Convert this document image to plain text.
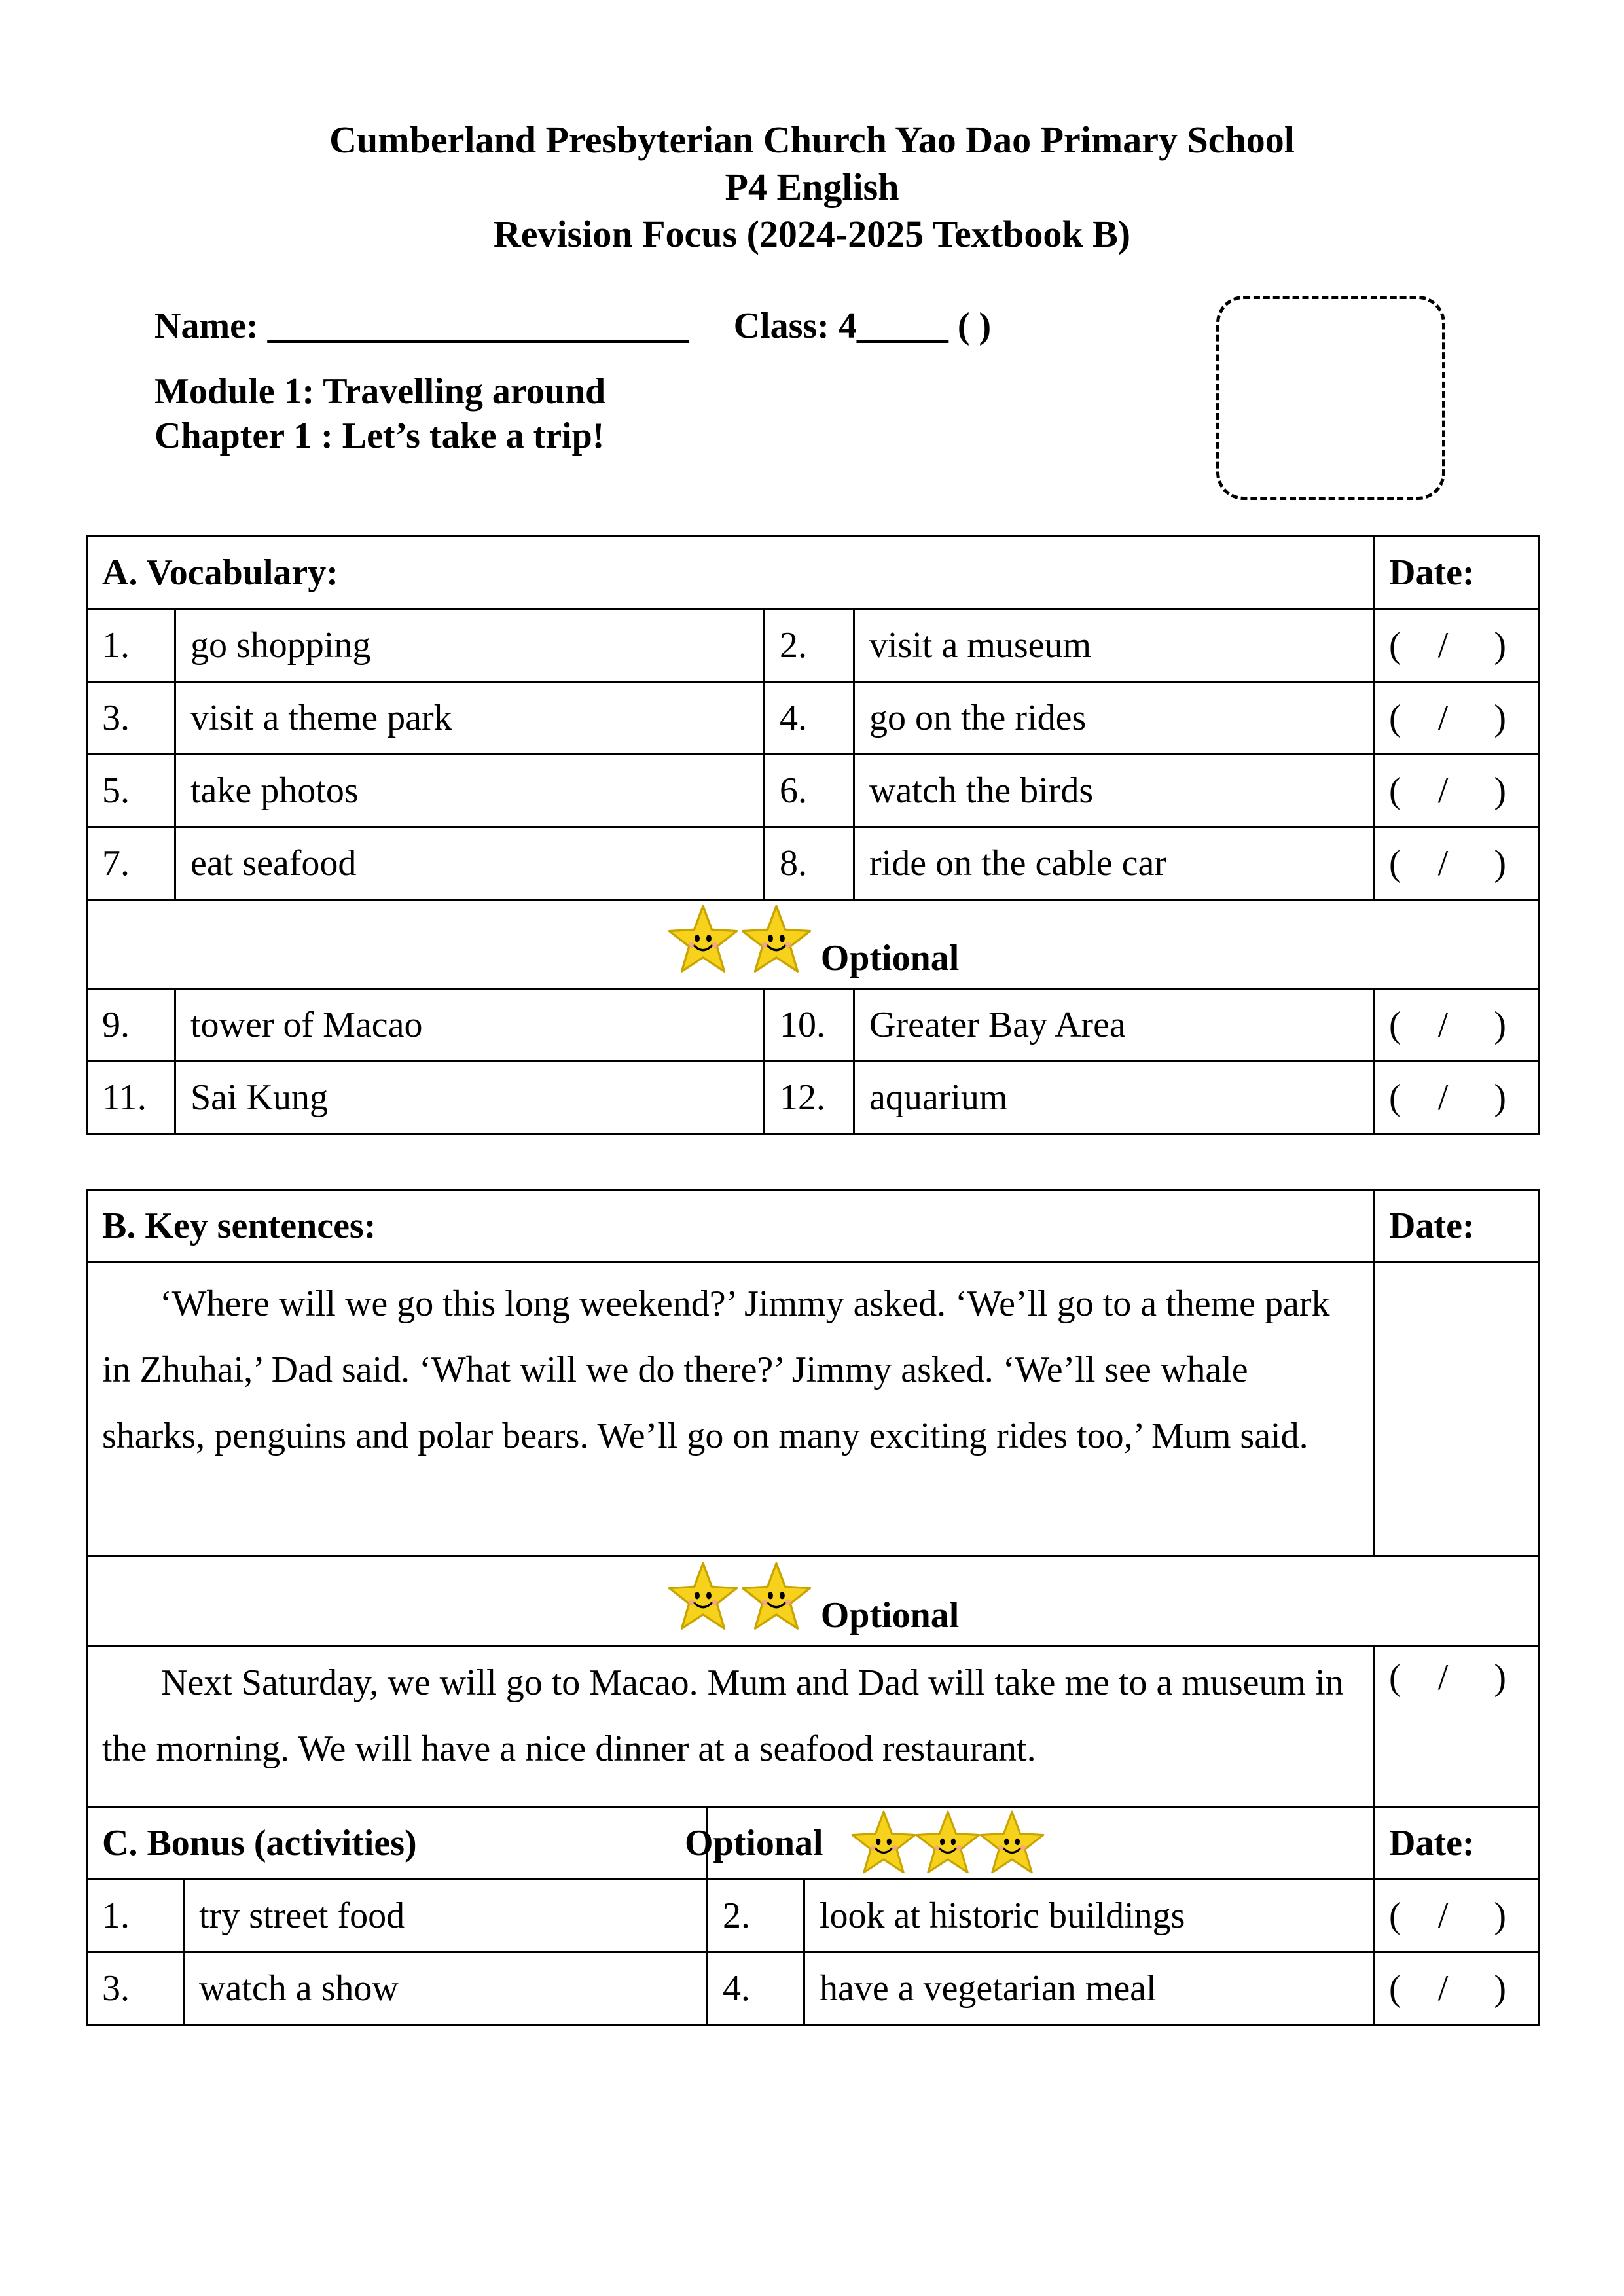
Cumberland Presbyterian Church Yao Dao Primary School
P4 English
Revision Focus (2024-2025 Textbook B)
Name: _______________________ Class: 4_____ ( )
Module 1: Travelling around
Chapter 1 : Let’s take a trip!
A. Vocabulary:				Date:
1.	go shopping	2.	visit a museum	( / )

3.	visit a theme park	4.	go on the rides	( / )

5.	take photos	6.	watch the birds	( / )

7.	eat seafood	8.	ride on the cable car	( / )

Optional				

9.	tower of Macao	10.	Greater Bay Area	( / )

11.	Sai Kung	12.	aquarium	( / )
B. Key sentences:	Date:
‘Where will we go this long weekend?’ Jimmy asked. ‘We’ll go to a theme park in Zhuhai,’ Dad said. ‘What will we do there?’ Jimmy asked. ‘We’ll see whale sharks, penguins and polar bears. We’ll go on many exciting rides too,’ Mum said.	

Optional	

Next Saturday, we will go to Macao. Mum and Dad will take me to a museum in the morning. We will have a nice dinner at a seafood restaurant.	( / )
C. Bonus (activities)		Optional		Date:
1.	try street food	2.	look at historic buildings	( / )

3.	watch a show	4.	have a vegetarian meal	( / )
